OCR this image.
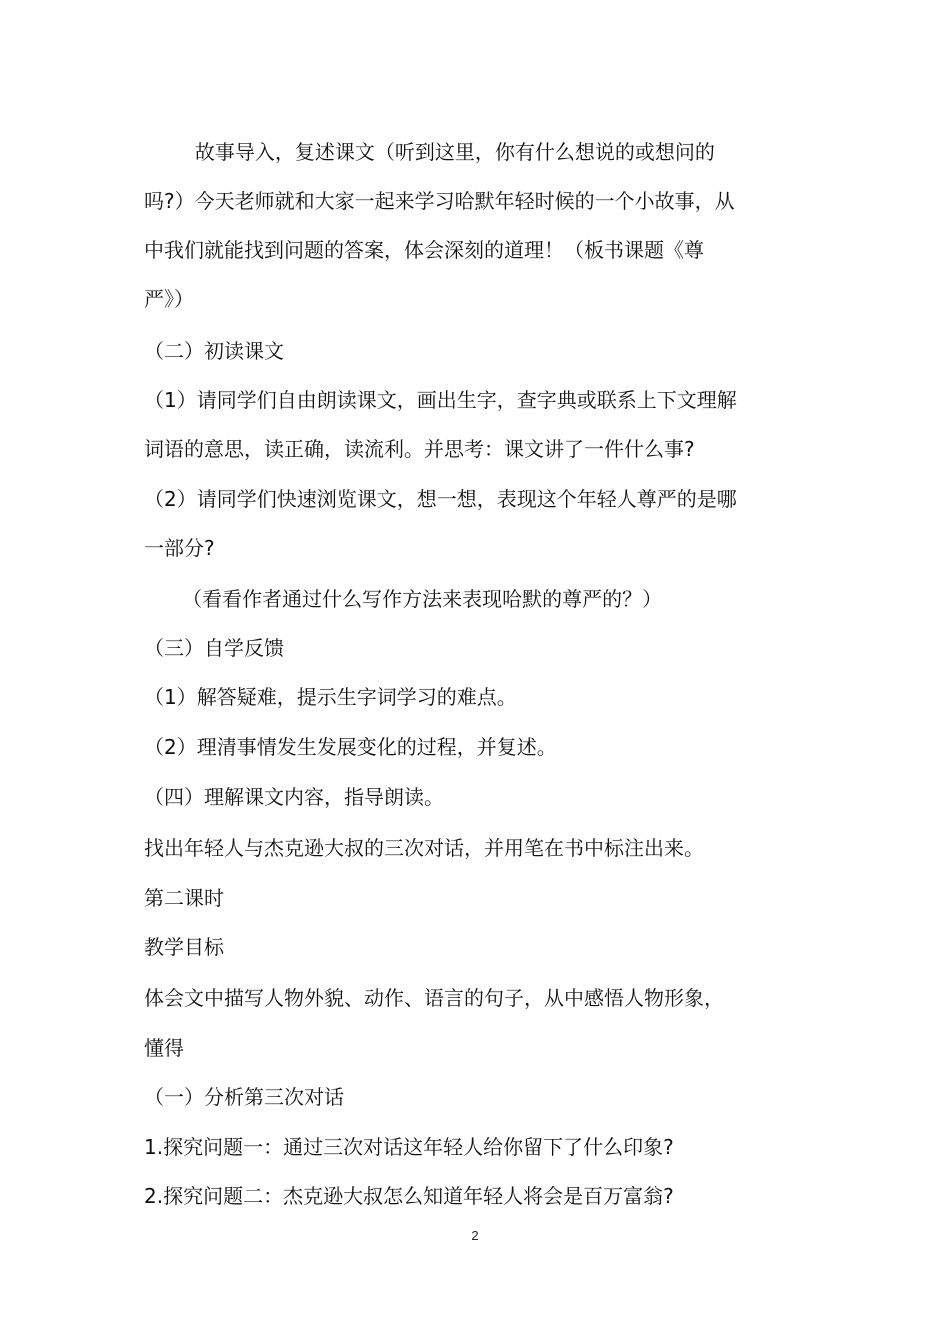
故事导入，复述课文（听到这里，你有什么想说的或想问的
吗?）今天老师就和大家一起来学习哈默年轻时候的一个小故事，从
中我们就能找到问题的答案，体会深刻的道理！（板书课题《尊
严》）
（二）初读课文
（1）请同学们自由朗读课文，画出生字，查字典或联系上下文理解
词语的意思，读正确，读流利。并思考：课文讲了一件什么事?
（2）请同学们快速浏览课文，想一想，表现这个年轻人尊严的是哪
一部分?
（看看作者通过什么写作方法来表现哈默的尊严的？）
（三）自学反馈
（1）解答疑难，提示生字词学习的难点。
（2）理清事情发生发展变化的过程，并复述。
（四）理解课文内容，指导朗读。
找出年轻人与杰克逊大叔的三次对话，并用笔在书中标注出来。
第二课时
教学目标
体会文中描写人物外貌、动作、语言的句子，从中感悟人物形象，
懂得
（一）分析第三次对话
1.探究问题一：通过三次对话这年轻人给你留下了什么印象?
2.探究问题二：杰克逊大叔怎么知道年轻人将会是百万富翁?
2
